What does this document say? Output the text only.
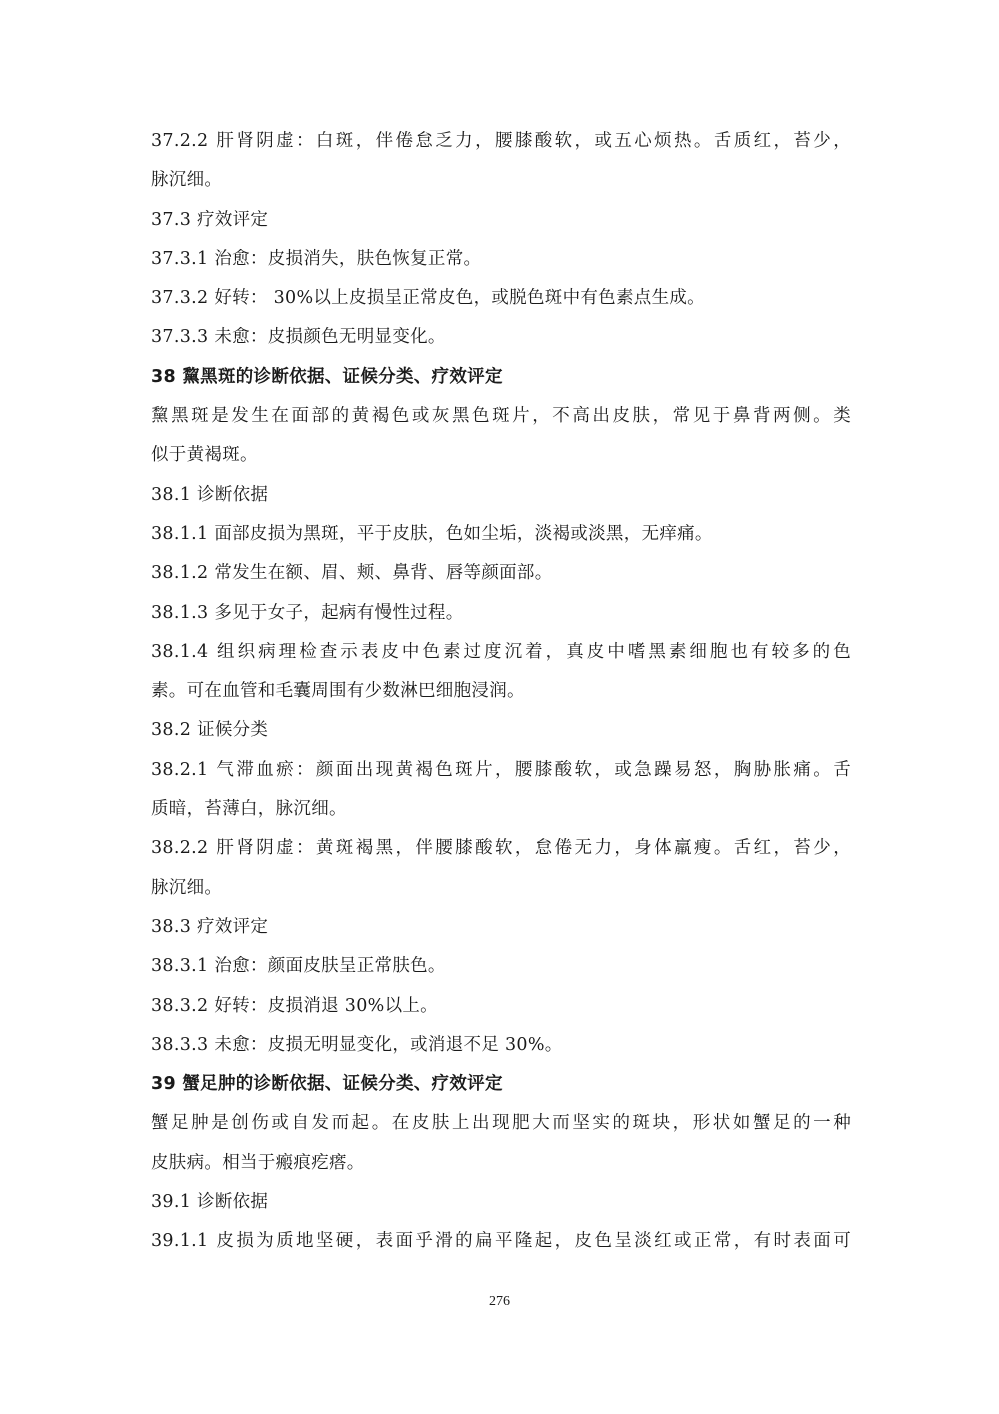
37.2.2 肝肾阴虚：白斑，伴倦怠乏力，腰膝酸软，或五心烦热。舌质红，苔少，
脉沉细。
37.3 疗效评定
37.3.1 治愈：皮损消失，肤色恢复正常。
37.3.2 好转： 30%以上皮损呈正常皮色，或脱色斑中有色素点生成。
37.3.3 未愈：皮损颜色无明显变化。
38 黧黑斑的诊断依据、证候分类、疗效评定
黧黑斑是发生在面部的黄褐色或灰黑色斑片，不高出皮肤，常见于鼻背两侧。类
似于黄褐斑。
38.1 诊断依据
38.1.1 面部皮损为黑斑，平于皮肤，色如尘垢，淡褐或淡黑，无痒痛。
38.1.2 常发生在额、眉、颊、鼻背、唇等颜面部。
38.1.3 多见于女子，起病有慢性过程。
38.1.4 组织病理检查示表皮中色素过度沉着，真皮中嗜黑素细胞也有较多的色
素。可在血管和毛囊周围有少数淋巴细胞浸润。
38.2 证候分类
38.2.1 气滞血瘀：颜面出现黄褐色斑片，腰膝酸软，或急躁易怒，胸胁胀痛。舌
质暗，苔薄白，脉沉细。
38.2.2 肝肾阴虚：黄斑褐黑，伴腰膝酸软，怠倦无力，身体羸瘦。舌红，苔少，
脉沉细。
38.3 疗效评定
38.3.1 治愈：颜面皮肤呈正常肤色。
38.3.2 好转：皮损消退 30%以上。
38.3.3 未愈：皮损无明显变化，或消退不足 30%。
39 蟹足肿的诊断依据、证候分类、疗效评定
蟹足肿是创伤或自发而起。在皮肤上出现肥大而坚实的斑块，形状如蟹足的一种
皮肤病。相当于瘢痕疙瘩。
39.1 诊断依据
39.1.1 皮损为质地坚硬，表面乎滑的扁平隆起，皮色呈淡红或正常，有时表面可
276
